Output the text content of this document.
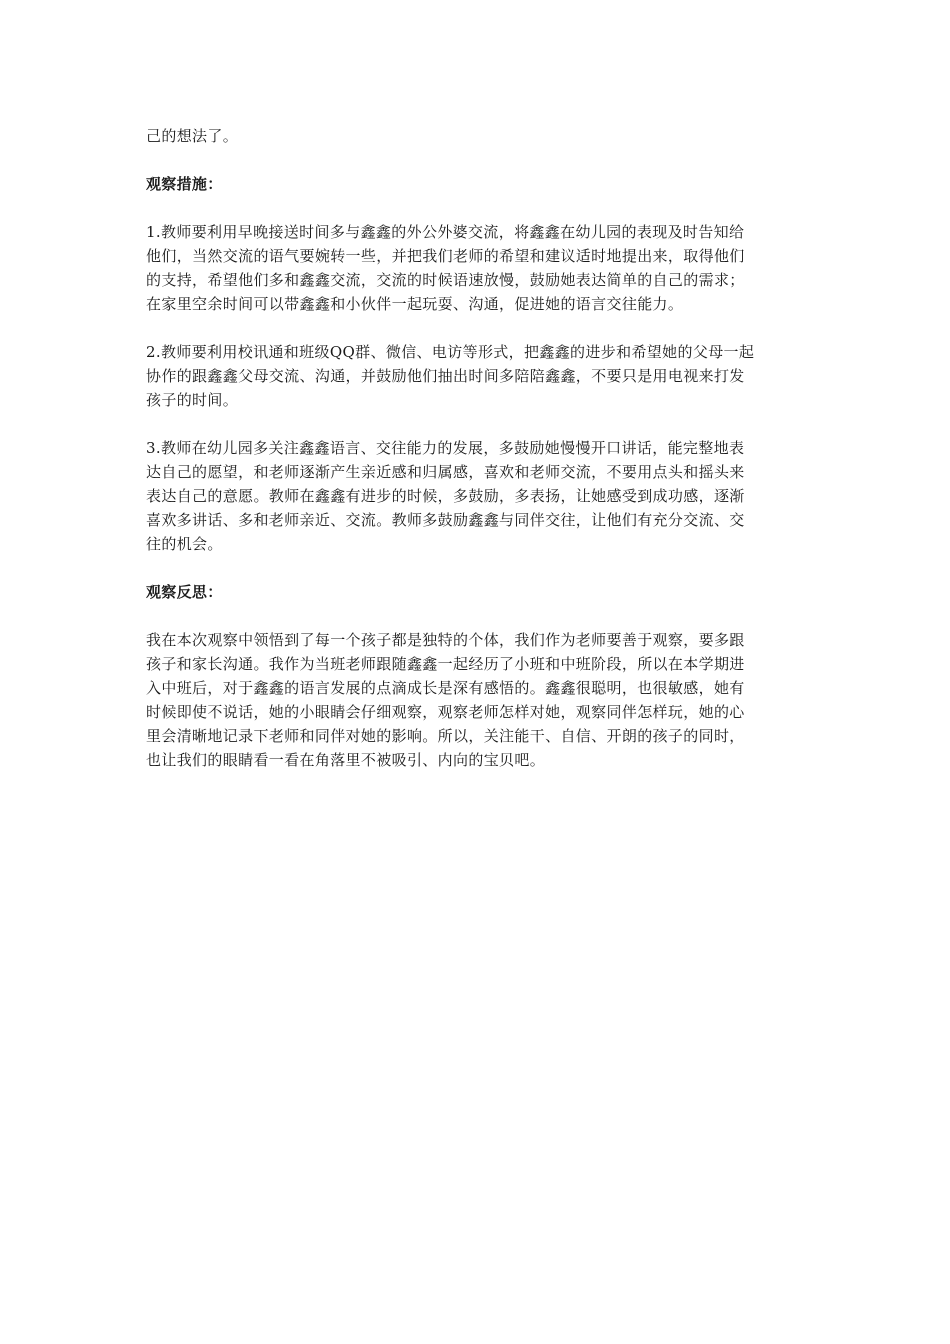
己的想法了。
观察措施：
1.教师要利用早晚接送时间多与鑫鑫的外公外婆交流，将鑫鑫在幼儿园的表现及时告知给
他们，当然交流的语气要婉转一些，并把我们老师的希望和建议适时地提出来，取得他们
的支持，希望他们多和鑫鑫交流，交流的时候语速放慢，鼓励她表达简单的自己的需求；
在家里空余时间可以带鑫鑫和小伙伴一起玩耍、沟通，促进她的语言交往能力。
2.教师要利用校讯通和班级QQ群、微信、电访等形式，把鑫鑫的进步和希望她的父母一起
协作的跟鑫鑫父母交流、沟通，并鼓励他们抽出时间多陪陪鑫鑫，不要只是用电视来打发
孩子的时间。
3.教师在幼儿园多关注鑫鑫语言、交往能力的发展，多鼓励她慢慢开口讲话，能完整地表
达自己的愿望，和老师逐渐产生亲近感和归属感，喜欢和老师交流，不要用点头和摇头来
表达自己的意愿。教师在鑫鑫有进步的时候，多鼓励，多表扬，让她感受到成功感，逐渐
喜欢多讲话、多和老师亲近、交流。教师多鼓励鑫鑫与同伴交往，让他们有充分交流、交
往的机会。
观察反思：
我在本次观察中领悟到了每一个孩子都是独特的个体，我们作为老师要善于观察，要多跟
孩子和家长沟通。我作为当班老师跟随鑫鑫一起经历了小班和中班阶段，所以在本学期进
入中班后，对于鑫鑫的语言发展的点滴成长是深有感悟的。鑫鑫很聪明，也很敏感，她有
时候即使不说话，她的小眼睛会仔细观察，观察老师怎样对她，观察同伴怎样玩，她的心
里会清晰地记录下老师和同伴对她的影响。所以，关注能干、自信、开朗的孩子的同时，
也让我们的眼睛看一看在角落里不被吸引、内向的宝贝吧。
